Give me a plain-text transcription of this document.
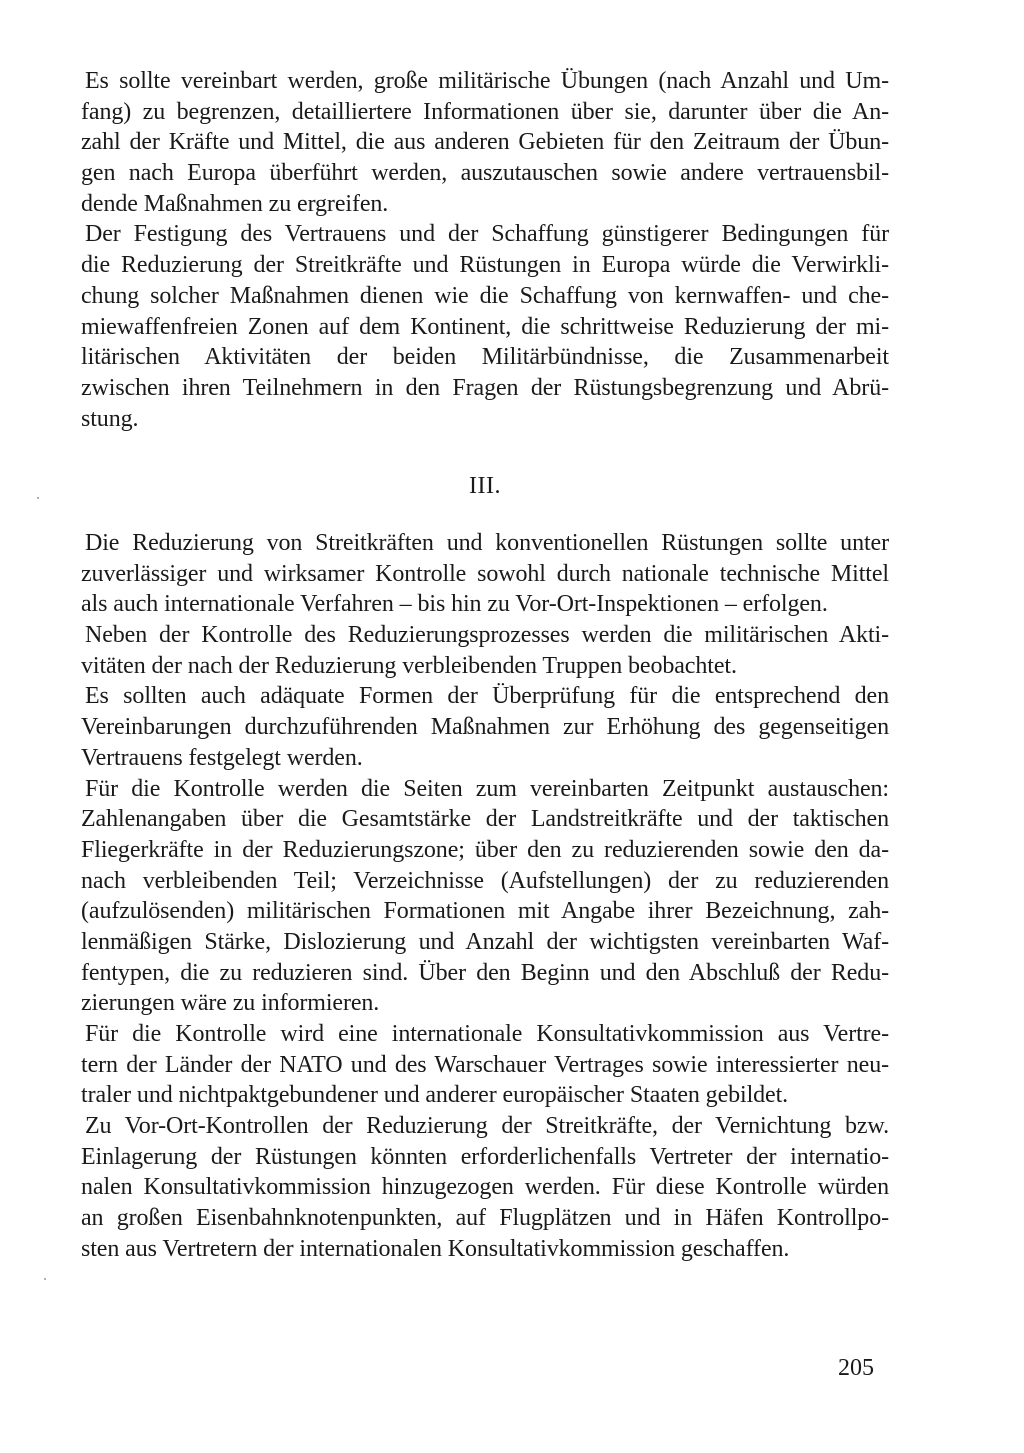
Es sollte vereinbart werden, große militärische Übungen (nach Anzahl und Um-
fang) zu begrenzen, detailliertere Informationen über sie, darunter über die An-
zahl der Kräfte und Mittel, die aus anderen Gebieten für den Zeitraum der Übun-
gen nach Europa überführt werden, auszutauschen sowie andere vertrauensbil-
dende Maßnahmen zu ergreifen.
Der Festigung des Vertrauens und der Schaffung günstigerer Bedingungen für
die Reduzierung der Streitkräfte und Rüstungen in Europa würde die Verwirkli-
chung solcher Maßnahmen dienen wie die Schaffung von kernwaffen- und che-
miewaffenfreien Zonen auf dem Kontinent, die schrittweise Reduzierung der mi-
litärischen Aktivitäten der beiden Militärbündnisse, die Zusammenarbeit
zwischen ihren Teilnehmern in den Fragen der Rüstungsbegrenzung und Abrü-
stung.
III.
Die Reduzierung von Streitkräften und konventionellen Rüstungen sollte unter
zuverlässiger und wirksamer Kontrolle sowohl durch nationale technische Mittel
als auch internationale Verfahren – bis hin zu Vor-Ort-Inspektionen – erfolgen.
Neben der Kontrolle des Reduzierungsprozesses werden die militärischen Akti-
vitäten der nach der Reduzierung verbleibenden Truppen beobachtet.
Es sollten auch adäquate Formen der Überprüfung für die entsprechend den
Vereinbarungen durchzuführenden Maßnahmen zur Erhöhung des gegenseitigen
Vertrauens festgelegt werden.
Für die Kontrolle werden die Seiten zum vereinbarten Zeitpunkt austauschen:
Zahlenangaben über die Gesamtstärke der Landstreitkräfte und der taktischen
Fliegerkräfte in der Reduzierungszone; über den zu reduzierenden sowie den da-
nach verbleibenden Teil; Verzeichnisse (Aufstellungen) der zu reduzierenden
(aufzulösenden) militärischen Formationen mit Angabe ihrer Bezeichnung, zah-
lenmäßigen Stärke, Dislozierung und Anzahl der wichtigsten vereinbarten Waf-
fentypen, die zu reduzieren sind. Über den Beginn und den Abschluß der Redu-
zierungen wäre zu informieren.
Für die Kontrolle wird eine internationale Konsultativkommission aus Vertre-
tern der Länder der NATO und des Warschauer Vertrages sowie interessierter neu-
traler und nichtpaktgebundener und anderer europäischer Staaten gebildet.
Zu Vor-Ort-Kontrollen der Reduzierung der Streitkräfte, der Vernichtung bzw.
Einlagerung der Rüstungen könnten erforderlichenfalls Vertreter der internatio-
nalen Konsultativkommission hinzugezogen werden. Für diese Kontrolle würden
an großen Eisenbahnknotenpunkten, auf Flugplätzen und in Häfen Kontrollpo-
sten aus Vertretern der internationalen Konsultativkommission geschaffen.
205
